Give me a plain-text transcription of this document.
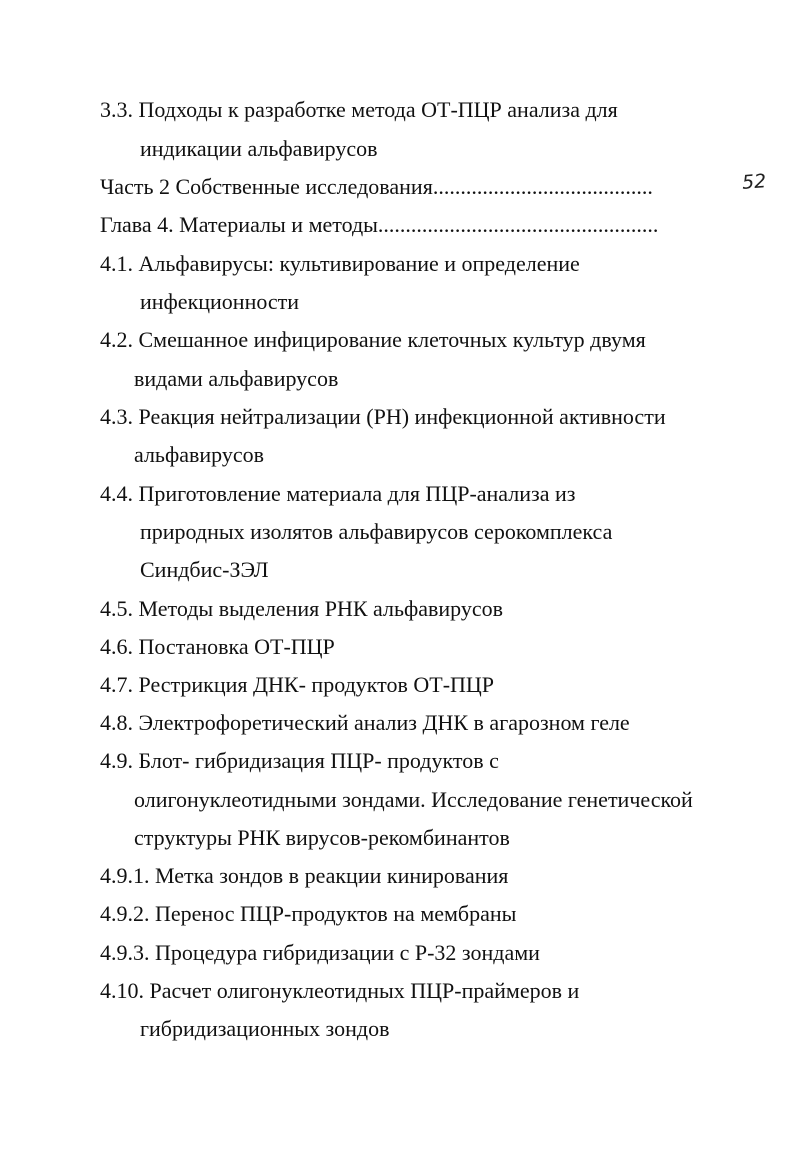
3.3. Подходы к разработке метода ОТ-ПЦР анализа для

индикации альфавирусов

Часть 2 Собственные исследования........................................	52

Глава 4. Материалы и методы...................................................

4.1. Альфавирусы: культивирование и определение

инфекционности

4.2. Смешанное инфицирование клеточных культур двумя

видами альфавирусов

4.3. Реакция нейтрализации (РН) инфекционной активности

альфавирусов

4.4. Приготовление материала для ПЦР-анализа из

природных изолятов альфавирусов серокомплекса

Синдбис-ЗЭЛ

4.5. Методы выделения РНК альфавирусов

4.6. Постановка ОТ-ПЦР

4.7. Рестрикция ДНК- продуктов ОТ-ПЦР

4.8. Электрофоретический анализ ДНК в агарозном геле

4.9. Блот- гибридизация ПЦР- продуктов с

олигонуклеотидными зондами. Исследование генетической

структуры РНК вирусов-рекомбинантов

4.9.1. Метка зондов в реакции кинирования

4.9.2. Перенос ПЦР-продуктов на мембраны

4.9.3. Процедура гибридизации с Р-32 зондами

4.10. Расчет олигонуклеотидных ПЦР-праймеров и

гибридизационных зондов
